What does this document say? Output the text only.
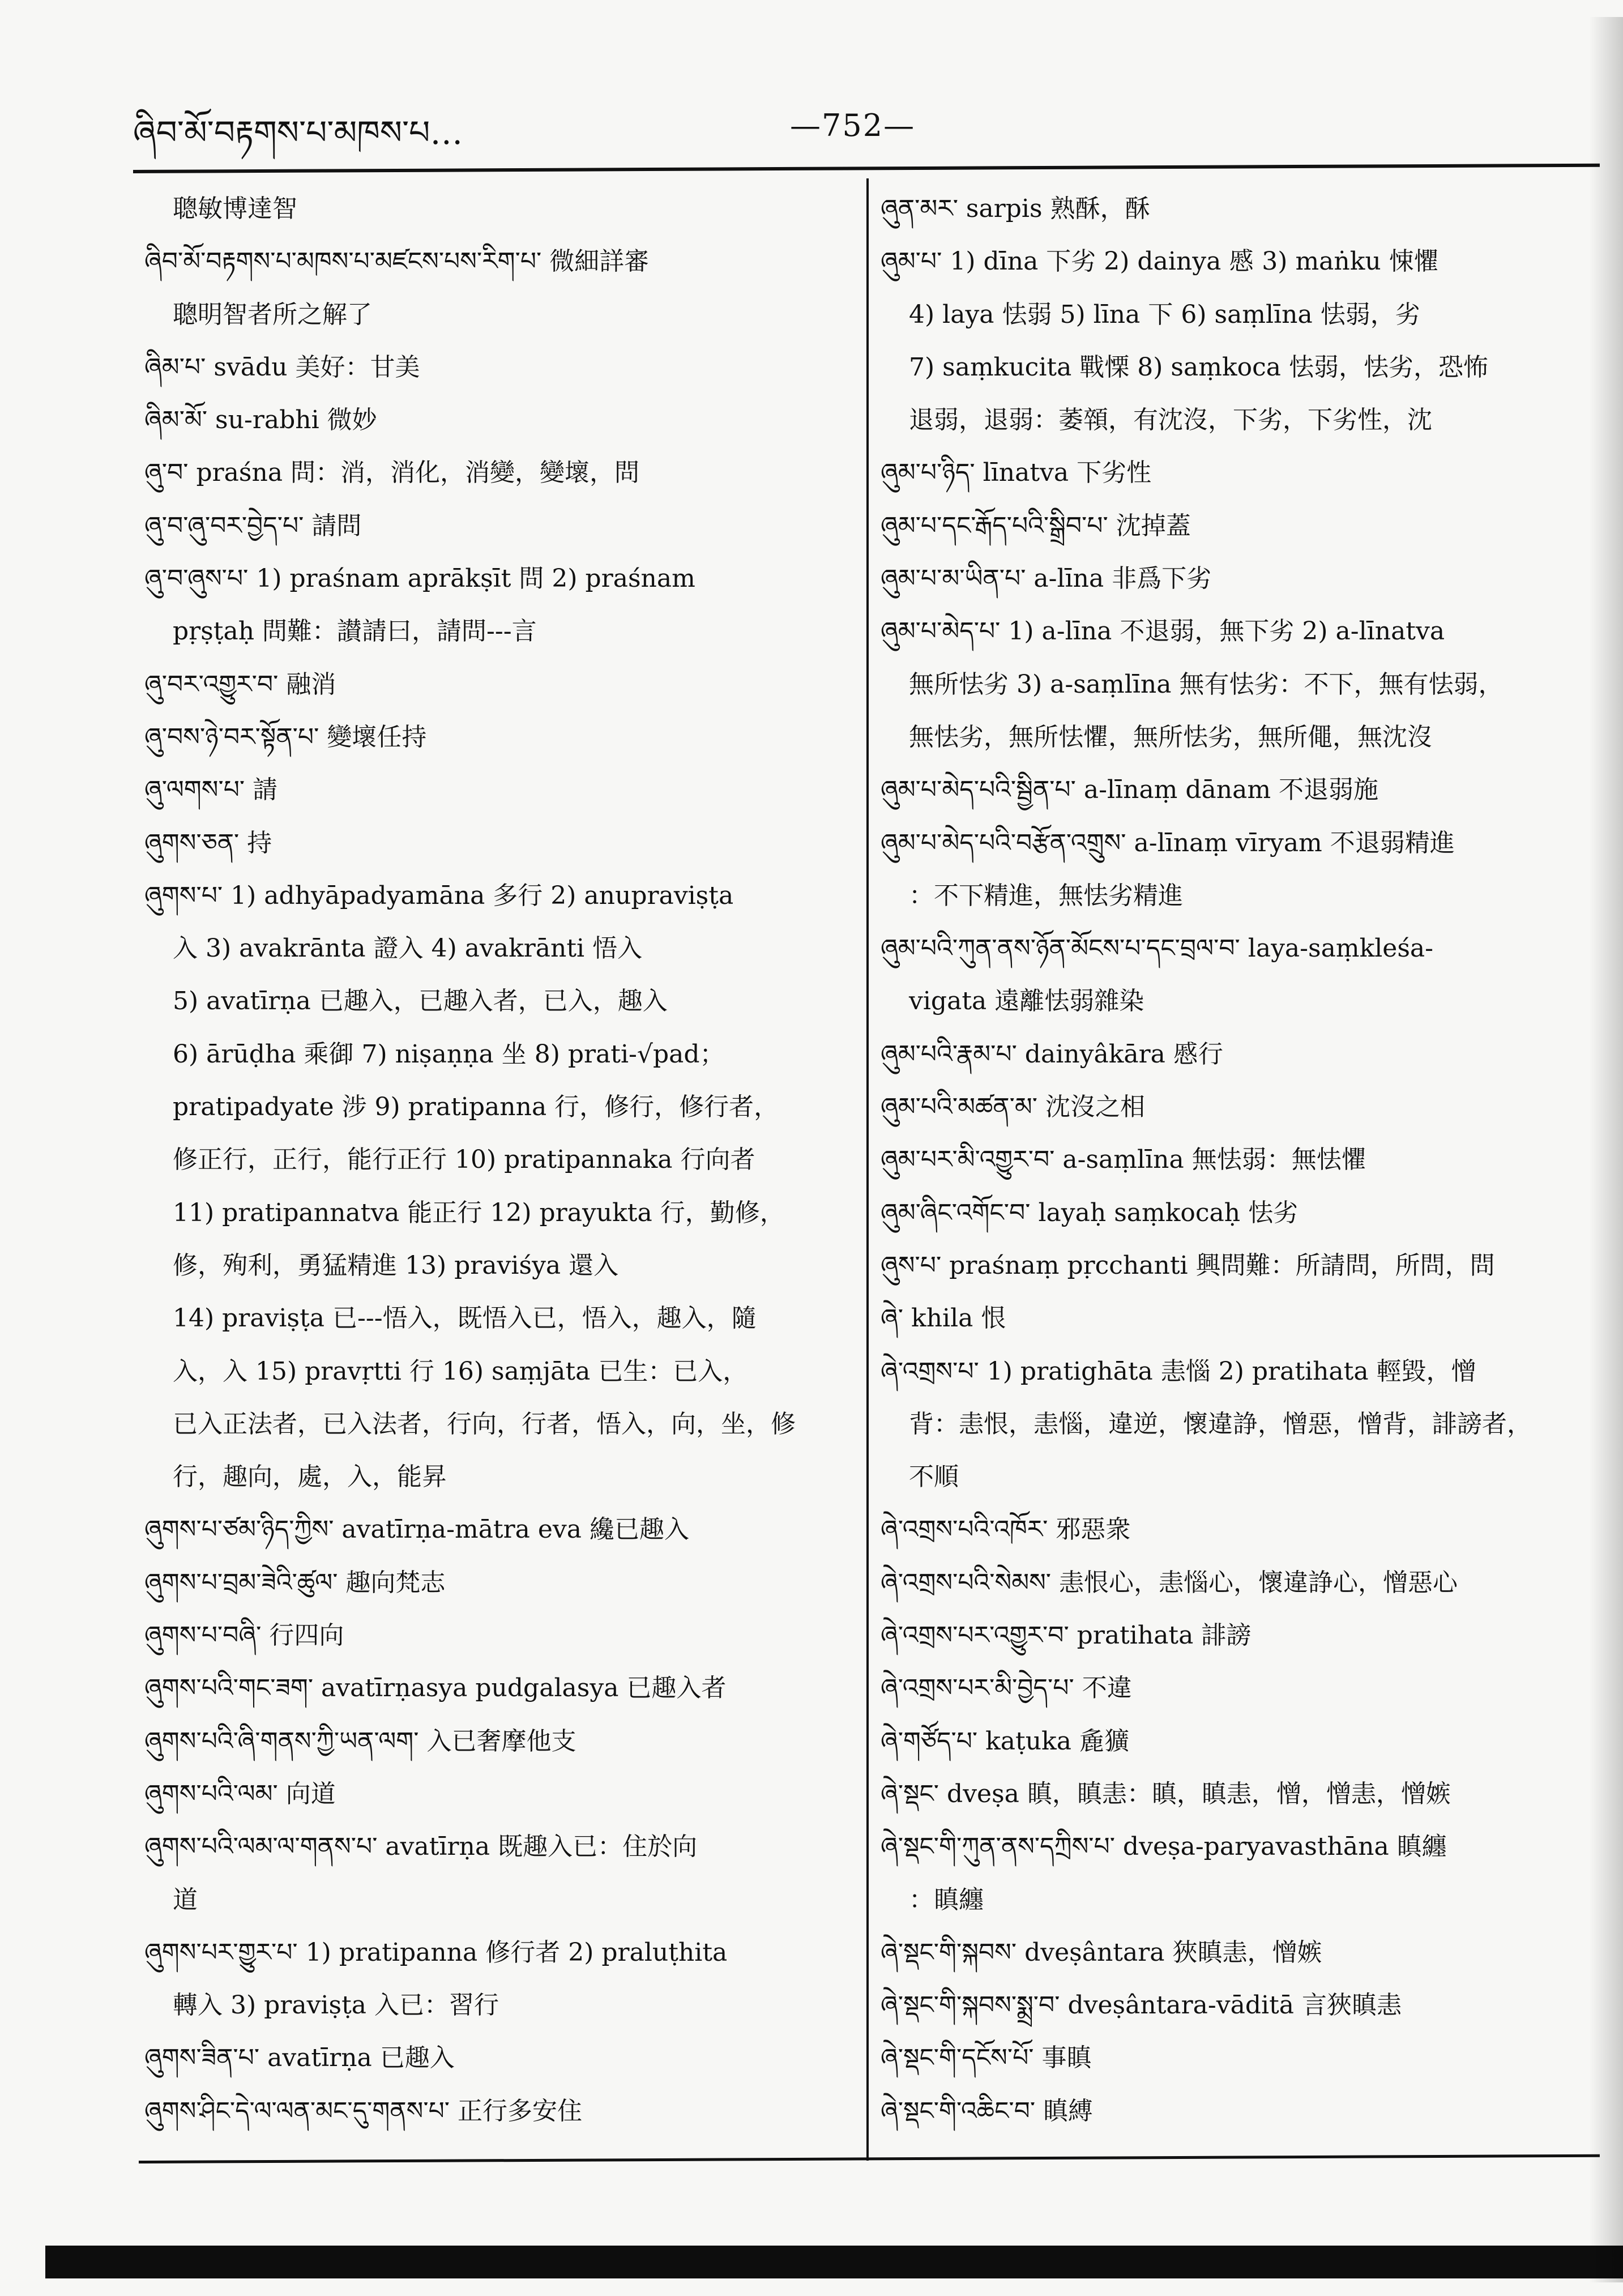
ཞིབ་མོ་བརྟགས་པ་མཁས་པ…	—752—
聰敏博達智
ཞིབ་མོ་བརྟགས་པ་མཁས་པ་མཛངས་པས་རིག་པ་ 微細詳審
聰明智者所之解了
ཞིམ་པ་ svādu 美好：甘美
ཞིམ་མོ་ su-rabhi 微妙
ཞུ་བ་ praśna 問：消，消化，消變，變壞，問
ཞུ་བ་ཞུ་བར་བྱེད་པ་ 請問
ཞུ་བ་ཞུས་པ་ 1) praśnam aprākṣīt 問 2) praśnam
pṛṣṭaḥ 問難：讃請曰，請問---言
ཞུ་བར་འགྱུར་བ་ 融消
ཞུ་བས་ཉེ་བར་སྟོན་པ་ 變壞任持
ཞུ་ལགས་པ་ 請
ཞུགས་ཅན་ 持
ཞུགས་པ་ 1) adhyāpadyamāna 多行 2) anupraviṣṭa
入 3) avakrānta 證入 4) avakrānti 悟入
5) avatīrṇa 已趣入，已趣入者，已入，趣入
6) ārūḍha 乘御 7) niṣaṇṇa 坐 8) prati-√pad；
pratipadyate 涉 9) pratipanna 行，修行，修行者，
修正行，正行，能行正行 10) pratipannaka 行向者
11) pratipannatva 能正行 12) prayukta 行，勤修，
修，殉利，勇猛精進 13) praviśya 還入
14) praviṣṭa 已---悟入，既悟入已，悟入，趣入，隨
入，入 15) pravṛtti 行 16) saṃjāta 已生：已入，
已入正法者，已入法者，行向，行者，悟入，向，坐，修
行，趣向，處，入，能昇
ཞུགས་པ་ཙམ་ཉིད་ཀྱིས་ avatīrṇa-mātra eva 纔已趣入
ཞུགས་པ་བྲམ་ཟེའི་ཚུལ་ 趣向梵志
ཞུགས་པ་བཞི་ 行四向
ཞུགས་པའི་གང་ཟག་ avatīrṇasya pudgalasya 已趣入者
ཞུགས་པའི་ཞི་གནས་ཀྱི་ཡན་ལག་ 入已奢摩他支
ཞུགས་པའི་ལམ་ 向道
ཞུགས་པའི་ལམ་ལ་གནས་པ་ avatīrṇa 既趣入已：住於向
道
ཞུགས་པར་གྱུར་པ་ 1) pratipanna 修行者 2) praluṭhita
轉入 3) praviṣṭa 入已：習行
ཞུགས་ཟིན་པ་ avatīrṇa 已趣入
ཞུགས་ཤིང་དེ་ལ་ལན་མང་དུ་གནས་པ་ 正行多安住
ཞུན་མར་ sarpis 熟酥，酥
ཞུམ་པ་ 1) dīna 下劣 2) dainya 慼 3) maṅku 悚懼
4) laya 怯弱 5) līna 下 6) saṃlīna 怯弱，劣
7) saṃkucita 戰慄 8) saṃkoca 怯弱，怯劣，恐怖
退弱，退弱：萎顇，有沈沒，下劣，下劣性，沈
ཞུམ་པ་ཉིད་ līnatva 下劣性
ཞུམ་པ་དང་རྒོད་པའི་སྒྲིབ་པ་ 沈掉蓋
ཞུམ་པ་མ་ཡིན་པ་ a-līna 非爲下劣
ཞུམ་པ་མེད་པ་ 1) a-līna 不退弱，無下劣 2) a-līnatva
無所怯劣 3) a-saṃlīna 無有怯劣：不下，無有怯弱，
無怯劣，無所怯懼，無所怯劣，無所僶，無沈沒
ཞུམ་པ་མེད་པའི་སྦྱིན་པ་ a-līnaṃ dānam 不退弱施
ཞུམ་པ་མེད་པའི་བརྩོན་འགྲུས་ a-līnaṃ vīryam 不退弱精進
：不下精進，無怯劣精進
ཞུམ་པའི་ཀུན་ནས་ཉོན་མོངས་པ་དང་བྲལ་བ་ laya-saṃkleśa-
vigata 遠離怯弱雜染
ཞུམ་པའི་རྣམ་པ་ dainyâkāra 慼行
ཞུམ་པའི་མཚན་མ་ 沈沒之相
ཞུམ་པར་མི་འགྱུར་བ་ a-saṃlīna 無怯弱：無怯懼
ཞུམ་ཞིང་འགོང་བ་ layaḥ saṃkocaḥ 怯劣
ཞུས་པ་ praśnaṃ pṛcchanti 興問難：所請問，所問，問
ཞེ་ khila 恨
ཞེ་འགྲས་པ་ 1) pratighāta 恚惱 2) pratihata 輕毀，憎
背：恚恨，恚惱，違逆，懷違諍，憎惡，憎背，誹謗者，
不順
ཞེ་འགྲས་པའི་འཁོར་ 邪惡衆
ཞེ་འགྲས་པའི་སེམས་ 恚恨心，恚惱心，懷違諍心，憎惡心
ཞེ་འགྲས་པར་འགྱུར་བ་ pratihata 誹謗
ཞེ་འགྲས་པར་མི་བྱེད་པ་ 不違
ཞེ་གཙོད་པ་ kaṭuka 麁獷
ཞེ་སྡང་ dveṣa 瞋，瞋恚：瞋，瞋恚，憎，憎恚，憎嫉
ཞེ་སྡང་གི་ཀུན་ནས་དཀྲིས་པ་ dveṣa-paryavasthāna 瞋纏
：瞋纏
ཞེ་སྡང་གི་སྐབས་ dveṣântara 狹瞋恚，憎嫉
ཞེ་སྡང་གི་སྐབས་སྨྲ་བ་ dveṣântara-vāditā 言狹瞋恚
ཞེ་སྡང་གི་དངོས་པོ་ 事瞋
ཞེ་སྡང་གི་འཆིང་བ་ 瞋縛
